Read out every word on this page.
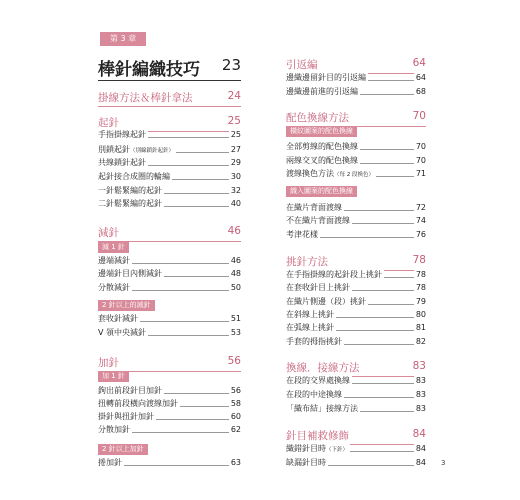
第 3 章
棒針編織技巧 23
掛線方法＆棒針拿法	24
起針	25
手指掛線起針	25
別鎖起針（別線鎖針起針）	27
共線鎖針起針	29
起針接合成圈的輪編	30
一針鬆緊編的起針	32
二針鬆緊編的起針	40
減針	46
減 1 針
邊端減針	46
邊端針目內側減針	48
分散減針	50
2 針以上的減針
套收針減針	51
V 領中央減針	53
加針	56
加 1 針
鉤出前段針目加針	56
扭轉前段橫向渡線加針	58
掛針與扭針加針	60
分散加針	62
2 針以上加針
捲加針	63
引返編	64
邊織邊留針目的引返編	64
邊織邊前進的引返編	68
配色換線方法	70
橫紋圖案的配色換線
全部剪線的配色換線	70
兩線交叉的配色換線	70
渡線換色方法（每 2 段換色）	71
織入圖案的配色換線
在織片背面渡線	72
不在織片背面渡線	74
考津花樣	76
挑針方法	78
在手指掛線的起針段上挑針	78
在套收針目上挑針	78
在織片側邊（段）挑針	79
在斜線上挑針	80
在弧線上挑針	81
手套的拇指挑針	82
換線．接線方法	83
在段的交界處換線	83
在段的中途換線	83
「織布結」接線方法	83
針目補救修飾	84
織錯針目時（下針）	84
缺漏針目時	84 3
